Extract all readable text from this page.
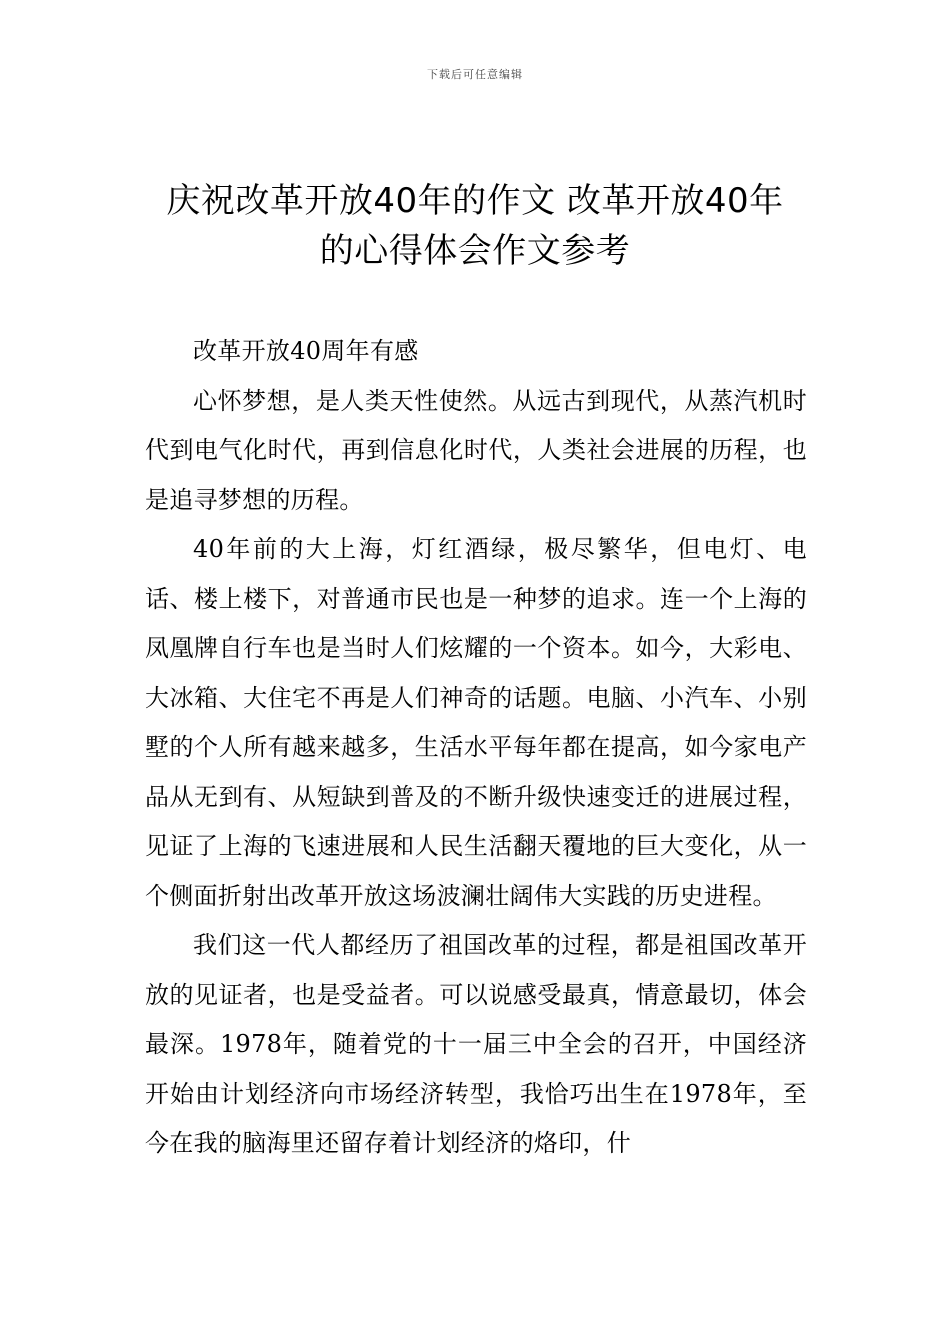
下载后可任意编辑
庆祝改革开放40年的作文 改革开放40年
的心得体会作文参考

改革开放40周年有感

心怀梦想，是人类天性使然。从远古到现代，从蒸汽机时代到电气化时代，再到信息化时代，人类社会进展的历程，也是追寻梦想的历程。

40年前的大上海，灯红酒绿，极尽繁华，但电灯、电话、楼上楼下，对普通市民也是一种梦的追求。连一个上海的凤凰牌自行车也是当时人们炫耀的一个资本。如今，大彩电、大冰箱、大住宅不再是人们神奇的话题。电脑、小汽车、小别墅的个人所有越来越多，生活水平每年都在提高，如今家电产品从无到有、从短缺到普及的不断升级快速变迁的进展过程，见证了上海的飞速进展和人民生活翻天覆地的巨大变化，从一个侧面折射出改革开放这场波澜壮阔伟大实践的历史进程。

我们这一代人都经历了祖国改革的过程，都是祖国改革开放的见证者，也是受益者。可以说感受最真，情意最切，体会最深。1978年，随着党的十一届三中全会的召开，中国经济开始由计划经济向市场经济转型，我恰巧出生在1978年，至今在我的脑海里还留存着计划经济的烙印，什
